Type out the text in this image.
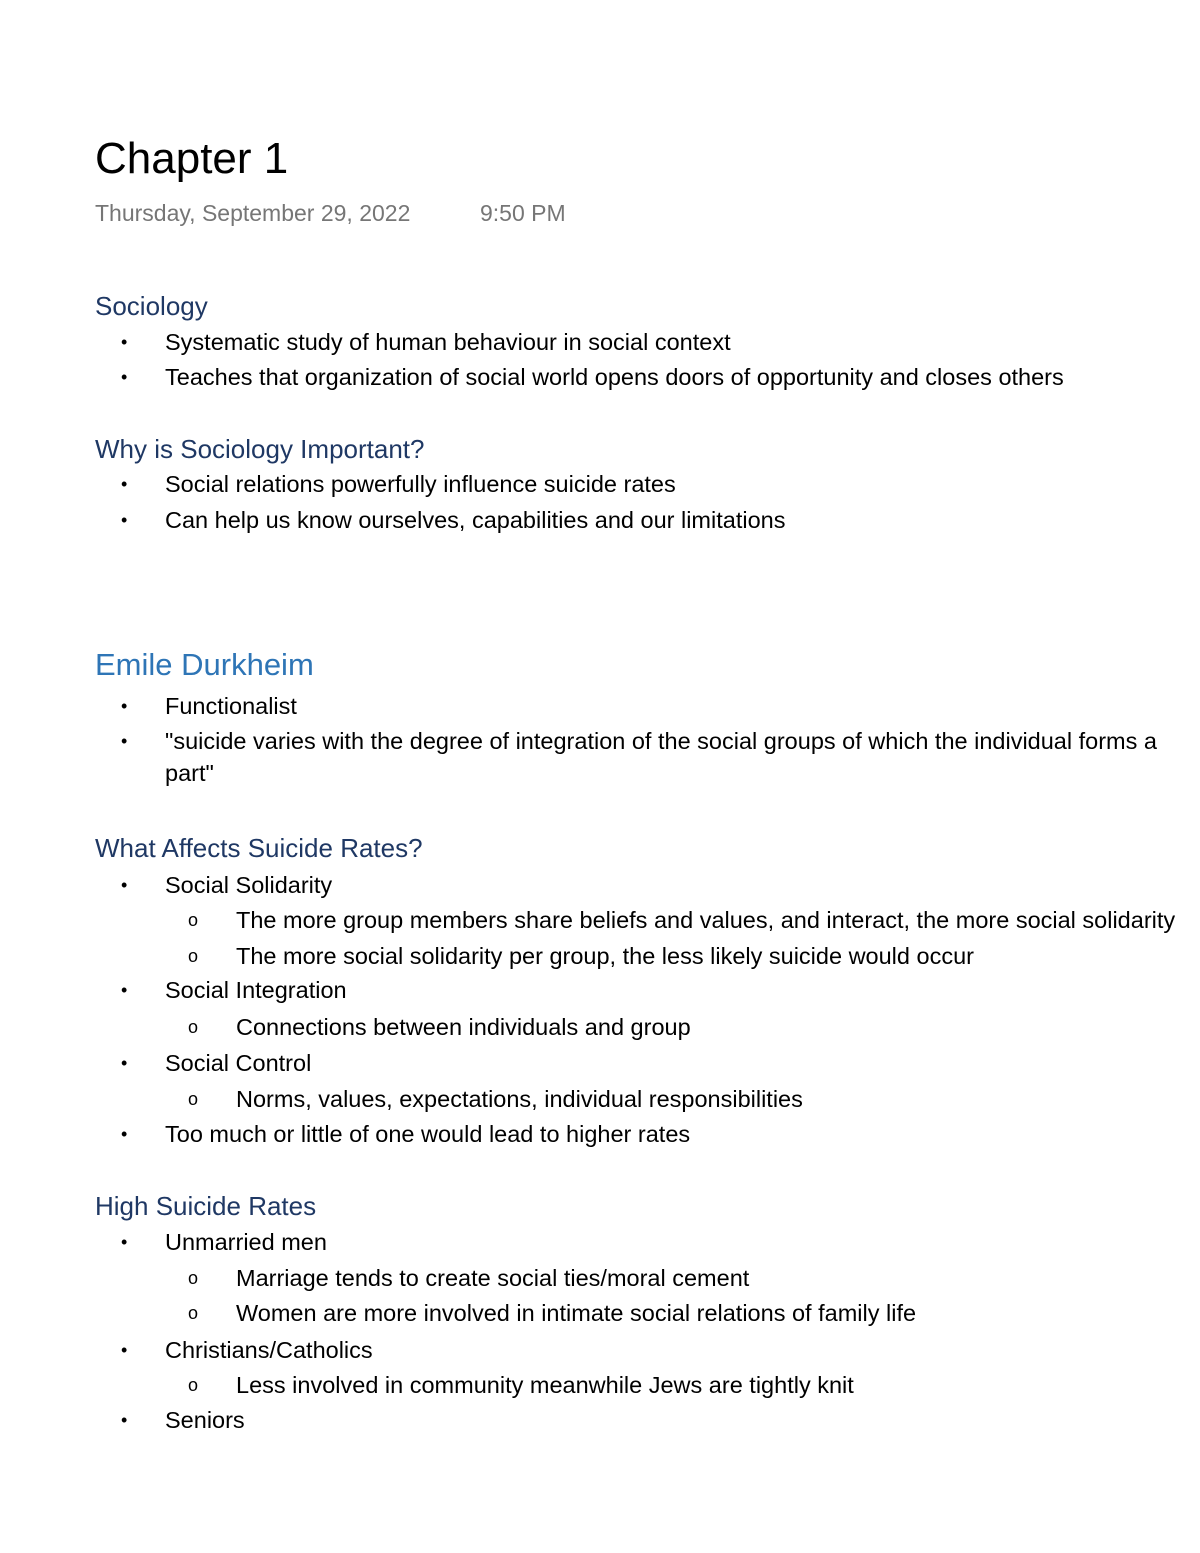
Chapter 1
Thursday, September 29, 2022	9:50 PM
Sociology
• Systematic study of human behaviour in social context
• Teaches that organization of social world opens doors of opportunity and closes others
Why is Sociology Important?
• Social relations powerfully influence suicide rates
• Can help us know ourselves, capabilities and our limitations
Emile Durkheim
• Functionalist
• "suicide varies with the degree of integration of the social groups of which the individual forms a
part"
What Affects Suicide Rates?
• Social Solidarity
o The more group members share beliefs and values, and interact, the more social solidarity
o The more social solidarity per group, the less likely suicide would occur
• Social Integration
o Connections between individuals and group
• Social Control
o Norms, values, expectations, individual responsibilities
• Too much or little of one would lead to higher rates
High Suicide Rates
• Unmarried men
o Marriage tends to create social ties/moral cement
o Women are more involved in intimate social relations of family life
• Christians/Catholics
o Less involved in community meanwhile Jews are tightly knit
• Seniors
